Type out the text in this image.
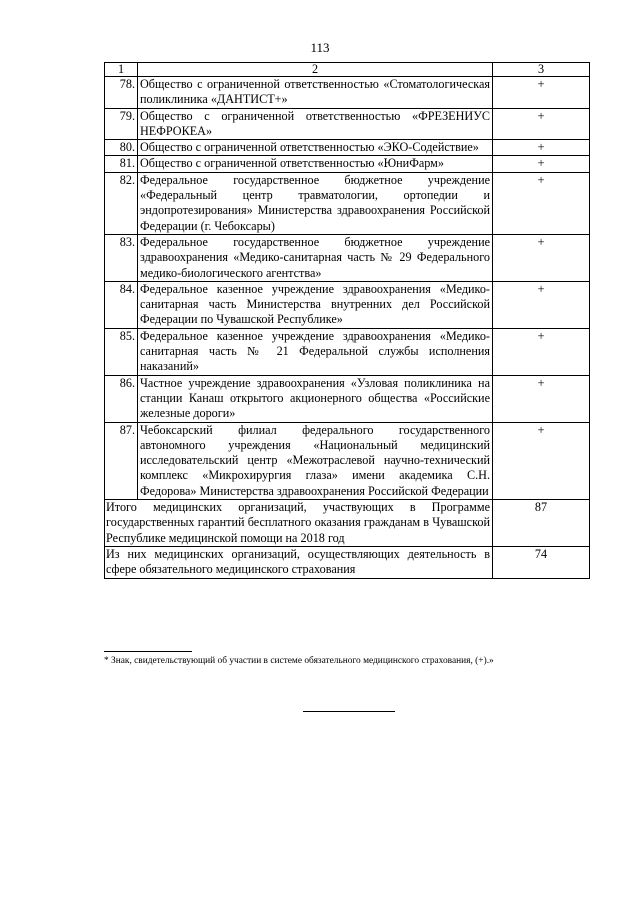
113
1	2	3
78.	Общество с ограниченной ответственностью «Стоматологическая поликлиника «ДАНТИСТ+»	+
79.	Общество с ограниченной ответственностью «ФРЕЗЕНИУС НЕФРОКЕА»	+
80.	Общество с ограниченной ответственностью «ЭКО-Содействие»	+
81.	Общество с ограниченной ответственностью «ЮниФарм»	+
82.	Федеральное государственное бюджетное учреждение «Федеральный центр травматологии, ортопедии и эндопротезирования» Министерства здравоохранения Российской Федерации (г. Чебоксары)	+
83.	Федеральное государственное бюджетное учреждение здравоохранения «Медико-санитарная часть № 29 Федерального медико-биологического агентства»	+
84.	Федеральное казенное учреждение здравоохранения «Медико-санитарная часть Министерства внутренних дел Российской Федерации по Чувашской Республике»	+
85.	Федеральное казенное учреждение здравоохранения «Медико-санитарная часть № 21 Федеральной службы исполнения наказаний»	+
86.	Частное учреждение здравоохранения «Узловая поликлиника на станции Канаш открытого акционерного общества «Российские железные дороги»	+
87.	Чебоксарский филиал федерального государственного автономного учреждения «Национальный медицинский исследовательский центр «Межотраслевой научно-технический комплекс «Микрохирургия глаза» имени академика С.Н. Федорова» Министерства здравоохранения Российской Федерации	+
Итого медицинских организаций, участвующих в Программе государственных гарантий бесплатного оказания гражданам в Чувашской Республике медицинской помощи на 2018 год		87
Из них медицинских организаций, осуществляющих деятельность в сфере обязательного медицинского страхования		74
* Знак, свидетельствующий об участии в системе обязательного медицинского страхования, (+).»
